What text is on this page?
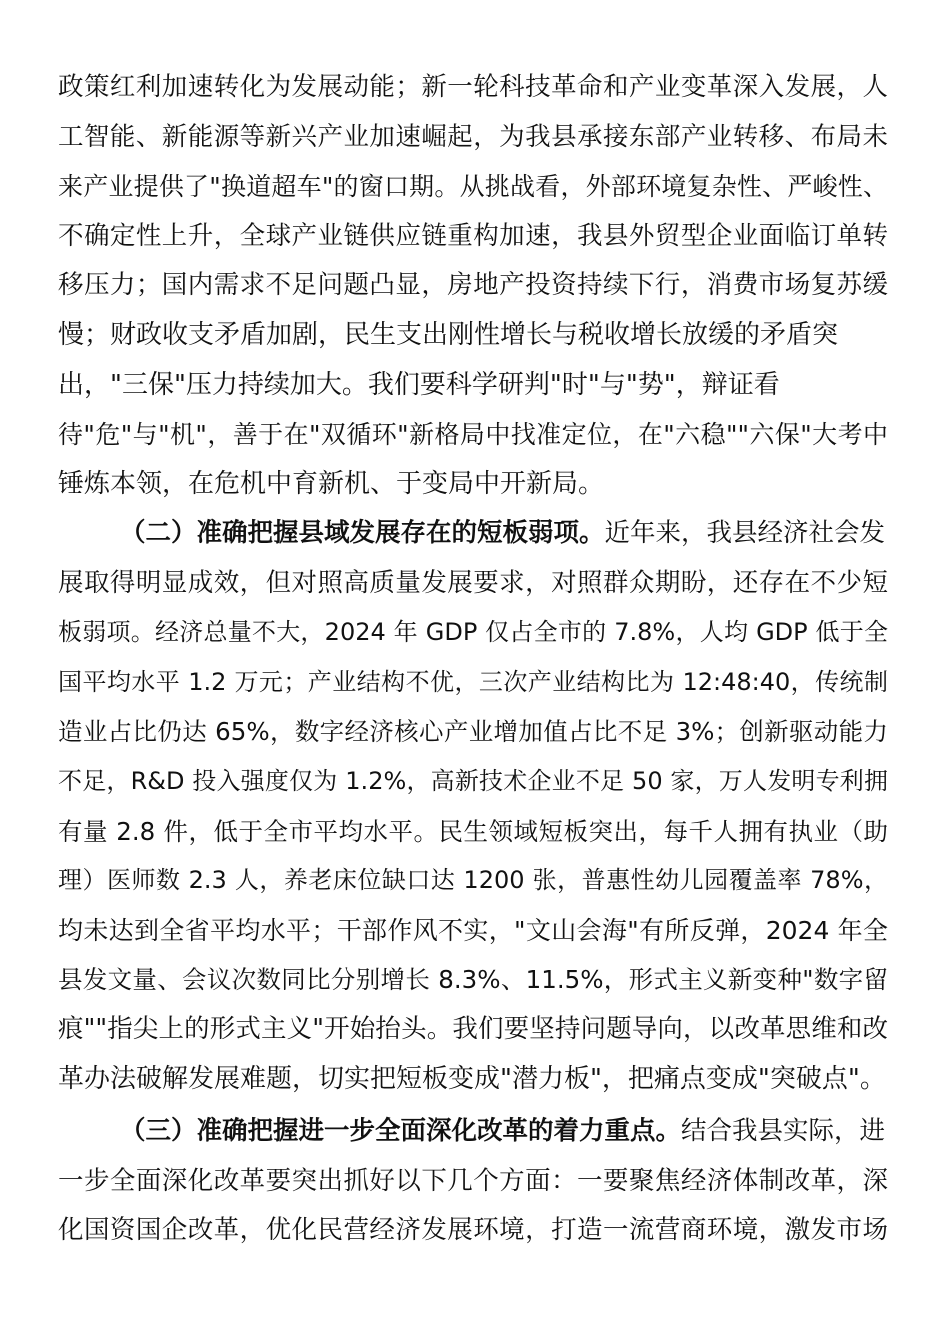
政策红利加速转化为发展动能；新一轮科技革命和产业变革深入发展，人
工智能、新能源等新兴产业加速崛起，为我县承接东部产业转移、布局未
来产业提供了"换道超车"的窗口期。从挑战看，外部环境复杂性、严峻性、
不确定性上升，全球产业链供应链重构加速，我县外贸型企业面临订单转
移压力；国内需求不足问题凸显，房地产投资持续下行，消费市场复苏缓
慢；财政收支矛盾加剧，民生支出刚性增长与税收增长放缓的矛盾突
出，"三保"压力持续加大。我们要科学研判"时"与"势"，辩证看
待"危"与"机"，善于在"双循环"新格局中找准定位，在"六稳""六保"大考中
锤炼本领，在危机中育新机、于变局中开新局。
（二）准确把握县域发展存在的短板弱项。近年来，我县经济社会发
展取得明显成效，但对照高质量发展要求，对照群众期盼，还存在不少短
板弱项。经济总量不大，2024 年 GDP 仅占全市的 7.8%，人均 GDP 低于全
国平均水平 1.2 万元；产业结构不优，三次产业结构比为 12:48:40，传统制
造业占比仍达 65%，数字经济核心产业增加值占比不足 3%；创新驱动能力
不足，R&D 投入强度仅为 1.2%，高新技术企业不足 50 家，万人发明专利拥
有量 2.8 件，低于全市平均水平。民生领域短板突出，每千人拥有执业（助
理）医师数 2.3 人，养老床位缺口达 1200 张，普惠性幼儿园覆盖率 78%，
均未达到全省平均水平；干部作风不实，"文山会海"有所反弹，2024 年全
县发文量、会议次数同比分别增长 8.3%、11.5%，形式主义新变种"数字留
痕""指尖上的形式主义"开始抬头。我们要坚持问题导向，以改革思维和改
革办法破解发展难题，切实把短板变成"潜力板"，把痛点变成"突破点"。
（三）准确把握进一步全面深化改革的着力重点。结合我县实际，进
一步全面深化改革要突出抓好以下几个方面：一要聚焦经济体制改革，深
化国资国企改革，优化民营经济发展环境，打造一流营商环境，激发市场
